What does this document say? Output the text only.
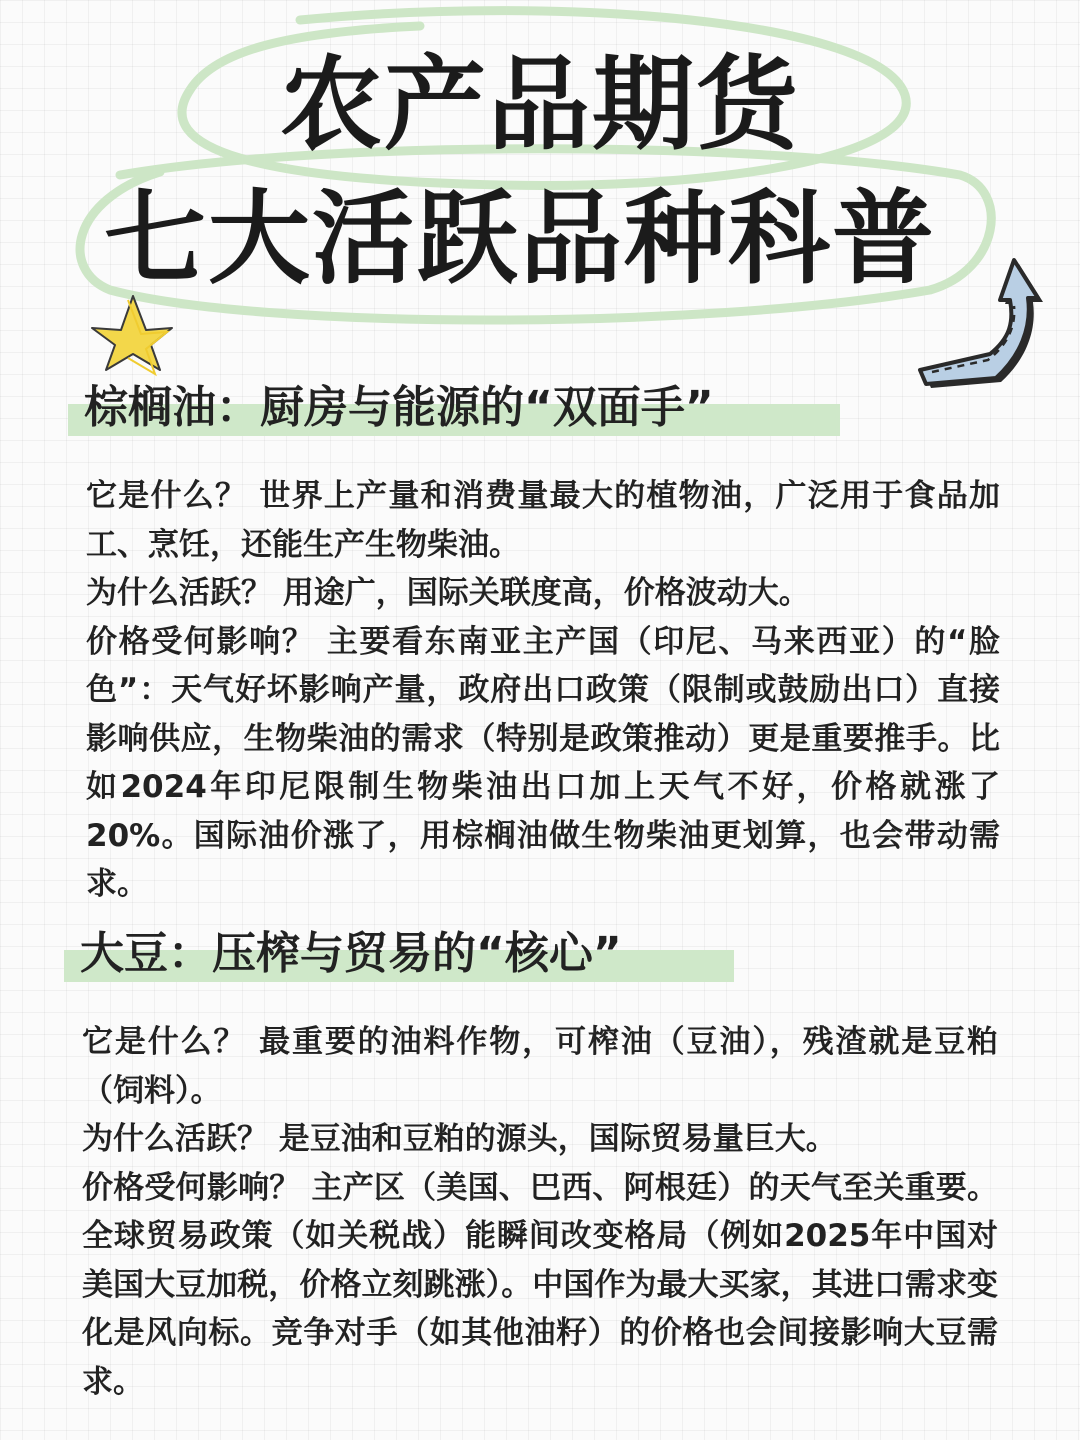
农产品期货
七大活跃品种科普
棕榈油：厨房与能源的“双面手”

它是什么？ 世界上产量和消费量最大的植物油，广泛用于食品加工、烹饪，还能生产生物柴油。

为什么活跃？ 用途广，国际关联度高，价格波动大。

价格受何影响？ 主要看东南亚主产国（印尼、马来西亚）的“脸色”：天气好坏影响产量，政府出口政策（限制或鼓励出口）直接影响供应，生物柴油的需求（特别是政策推动）更是重要推手。比如2024年印尼限制生物柴油出口加上天气不好，价格就涨了20%。国际油价涨了，用棕榈油做生物柴油更划算，也会带动需求。

大豆：压榨与贸易的“核心”

它是什么？ 最重要的油料作物，可榨油（豆油），残渣就是豆粕（饲料）。

为什么活跃？ 是豆油和豆粕的源头，国际贸易量巨大。

价格受何影响？ 主产区（美国、巴西、阿根廷）的天气至关重要。全球贸易政策（如关税战）能瞬间改变格局（例如2025年中国对美国大豆加税，价格立刻跳涨）。中国作为最大买家，其进口需求变化是风向标。竞争对手（如其他油籽）的价格也会间接影响大豆需求。
